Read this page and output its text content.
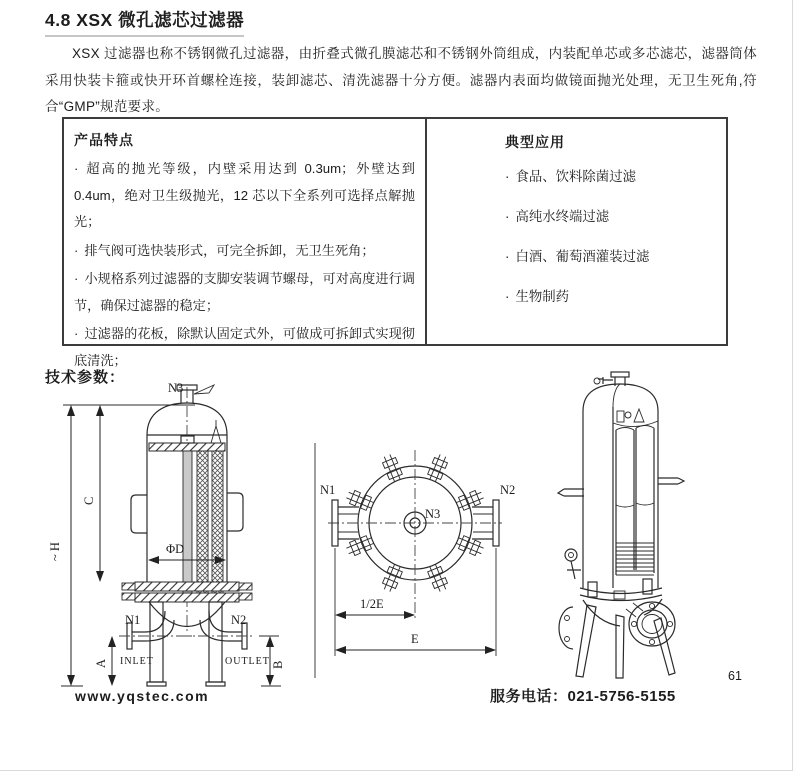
4.8 XSX 微孔滤芯过滤器

XSX 过滤器也称不锈钢微孔过滤器，由折叠式微孔膜滤芯和不锈钢外筒组成，内装配单芯或多芯滤芯，滤器筒体采用快装卡箍或快开环首螺栓连接，装卸滤芯、清洗滤器十分方便。滤器内表面均做镜面抛光处理，无卫生死角,符合“GMP”规范要求。

产品特点

· 超高的抛光等级，内壁采用达到 0.3um；外壁达到 0.4um，绝对卫生级抛光，12 芯以下全系列可选择点解抛光；

· 排气阀可选快装形式，可完全拆卸，无卫生死角；

· 小规格系列过滤器的支脚安装调节螺母，可对高度进行调节，确保过滤器的稳定；

· 过滤器的花板，除默认固定式外，可做成可拆卸式实现彻底清洗；

典型应用

· 食品、饮料除菌过滤

· 高纯水终端过滤

· 白酒、葡萄酒灌装过滤

· 生物制药

技术参数：
ΦD
~ H
C
A	B
N3
N1	N2
INLET	OUTLET
1/2E
E
N1	N2
N3
www.yqstec.com	服务电话：021-5756-5155
61
